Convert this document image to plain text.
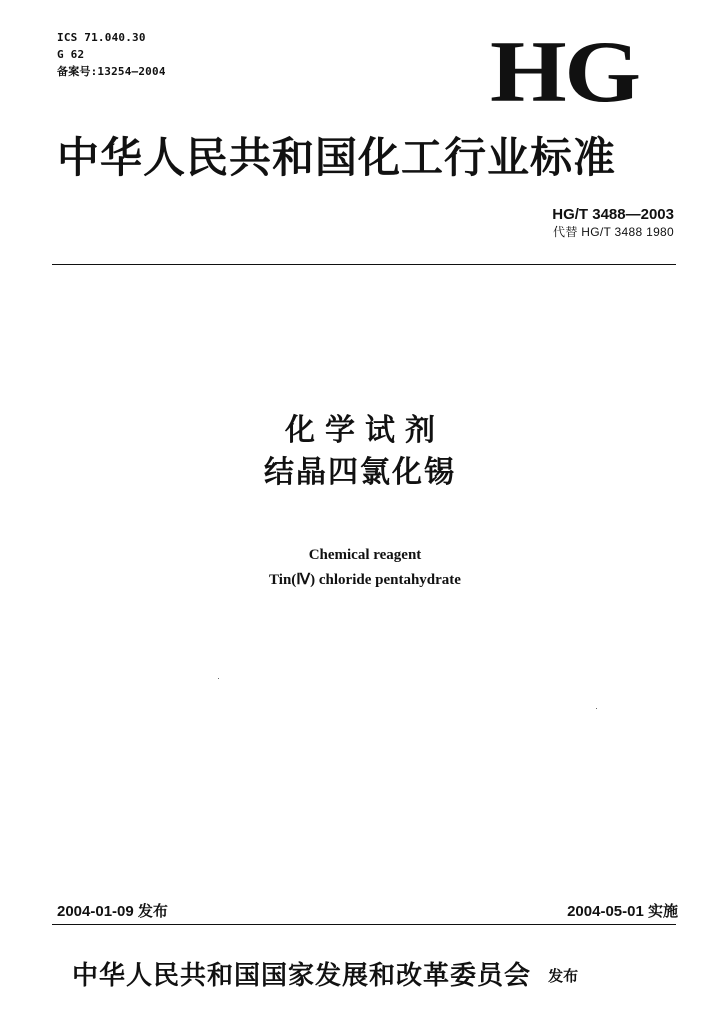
ICS 71.040.30
G 62
备案号:13254—2004	HG
中华人民共和国化工行业标准
HG/T 3488—2003
代替 HG/T 3488 1980
化学试剂
结晶四氯化锡
Chemical reagent
Tin(Ⅳ) chloride pentahydrate
2004-01-09 发布	2004-05-01 实施
中华人民共和国国家发展和改革委员会 发布
